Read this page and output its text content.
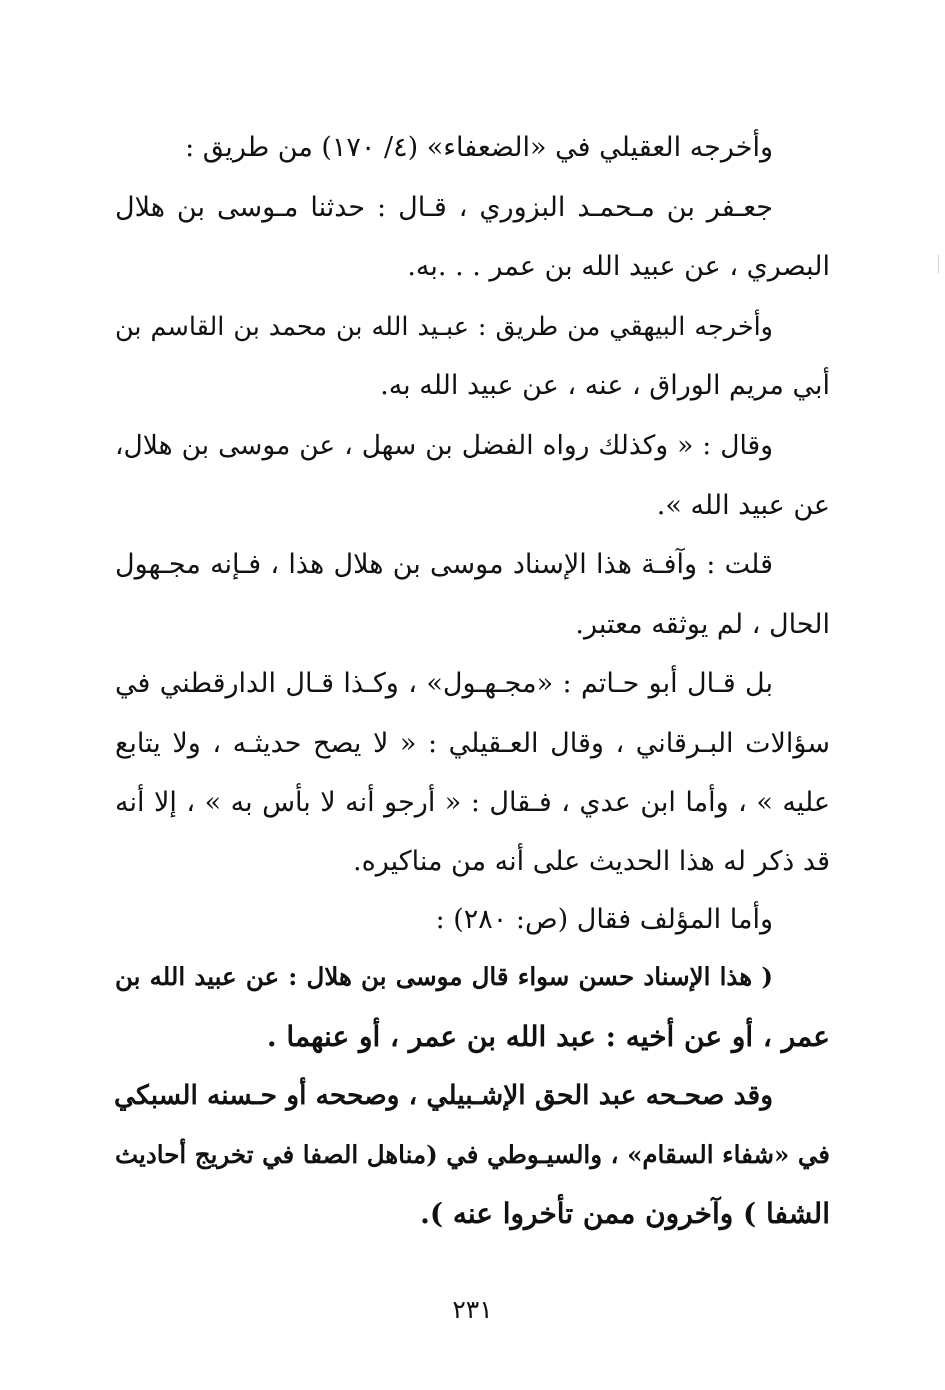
وأخرجه العقيلي في «الضعفاء» (٤/ ١٧٠) من طريق :
جعـفر بن مـحمـد البزوري ، قـال : حدثنا مـوسى بن هلال
البصري ، عن عبيد الله بن عمر . . .به.
وأخرجه البيهقي من طريق : عبـيد الله بن محمد بن القاسم بن
أبي مريم الوراق ، عنه ، عن عبيد الله به.
وقال : « وكذلك رواه الفضل بن سهل ، عن موسى بن هلال،
عن عبيد الله ».
قلت : وآفـة هذا الإسناد موسى بن هلال هذا ، فـإنه مجـهول
الحال ، لم يوثقه معتبر.
بل قـال أبو حـاتم : «مجـهـول» ، وكـذا قـال الدارقطني في
سؤالات البـرقاني ، وقال العـقيلي : « لا يصح حديثـه ، ولا يتابع
عليه » ، وأما ابن عدي ، فـقال : « أرجو أنه لا بأس به » ، إلا أنه
قد ذكر له هذا الحديث على أنه من مناكيره.
وأما المؤلف فقال (ص: ٢٨٠) :
( هذا الإسناد حسن سواء قال موسى بن هلال : عن عبيد الله بن
عمر ، أو عن أخيه : عبد الله بن عمر ، أو عنهما .
وقد صحـحه عبد الحق الإشـبيلي ، وصححه أو حـسنه السبكي
في «شفاء السقام» ، والسيـوطي في (مناهل الصفا في تخريج أحاديث
الشفا ) وآخرون ممن تأخروا عنه ).
٢٣١
